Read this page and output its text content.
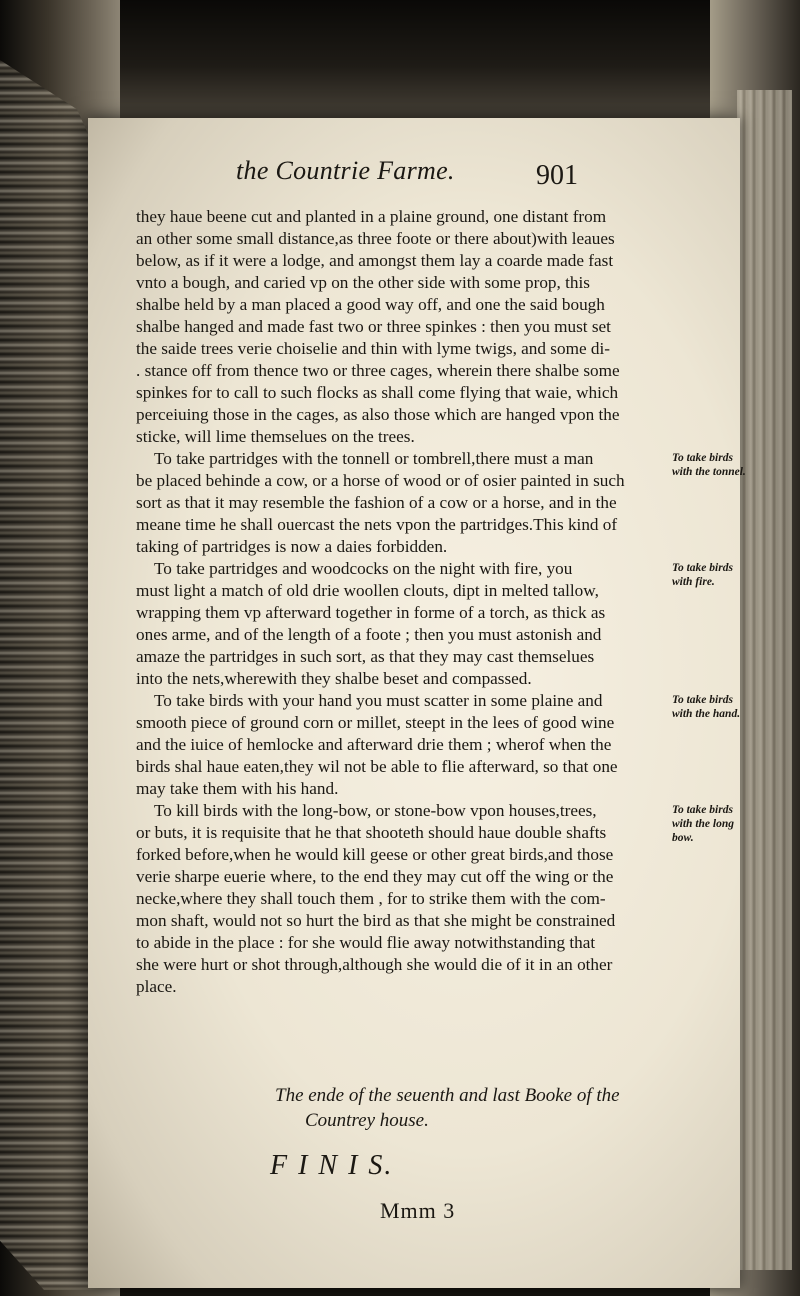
the Countrie Farme.	901

they haue beene cut and planted in a plaine ground, one distant from
an other some small distance,as three foote or there about)with leaues
below, as if it were a lodge, and amongst them lay a coarde made fast
vnto a bough, and caried vp on the other side with some prop, this
shalbe held by a man placed a good way off, and one the said bough
shalbe hanged and made fast two or three spinkes : then you must set
the saide trees verie choiselie and thin with lyme twigs, and some di-
. stance off from thence two or three cages, wherein there shalbe some
spinkes for to call to such flocks as shall come flying that waie, which
perceiuing those in the cages, as also those which are hanged vpon the
sticke, will lime themselues on the trees.
To take partridges with the tonnell or tombrell,there must a man
be placed behinde a cow, or a horse of wood or of osier painted in such
sort as that it may resemble the fashion of a cow or a horse, and in the
meane time he shall ouercast the nets vpon the partridges.This kind of
taking of partridges is now a daies forbidden.
To take partridges and woodcocks on the night with fire, you
must light a match of old drie woollen clouts, dipt in melted tallow,
wrapping them vp afterward together in forme of a torch, as thick as
ones arme, and of the length of a foote ; then you must astonish and
amaze the partridges in such sort, as that they may cast themselues
into the nets,wherewith they shalbe beset and compassed.
To take birds with your hand you must scatter in some plaine and
smooth piece of ground corn or millet, steept in the lees of good wine
and the iuice of hemlocke and afterward drie them ; wherof when the
birds shal haue eaten,they wil not be able to flie afterward, so that one
may take them with his hand.
To kill birds with the long-bow, or stone-bow vpon houses,trees,
or buts, it is requisite that he that shooteth should haue double shafts
forked before,when he would kill geese or other great birds,and those
verie sharpe euerie where, to the end they may cut off the wing or the
necke,where they shall touch them , for to strike them with the com-
mon shaft, would not so hurt the bird as that she might be constrained
to abide in the place : for she would flie away notwithstanding that
she were hurt or shot through,although she would die of it in an other
place.
To take birds
with the tonnel.
To take birds
with fire.
To take birds
with the hand.
To take birds
with the long
bow.
The ende of the seuenth and last Booke of the
Countrey house.
F I N I S.
Mmm 3
